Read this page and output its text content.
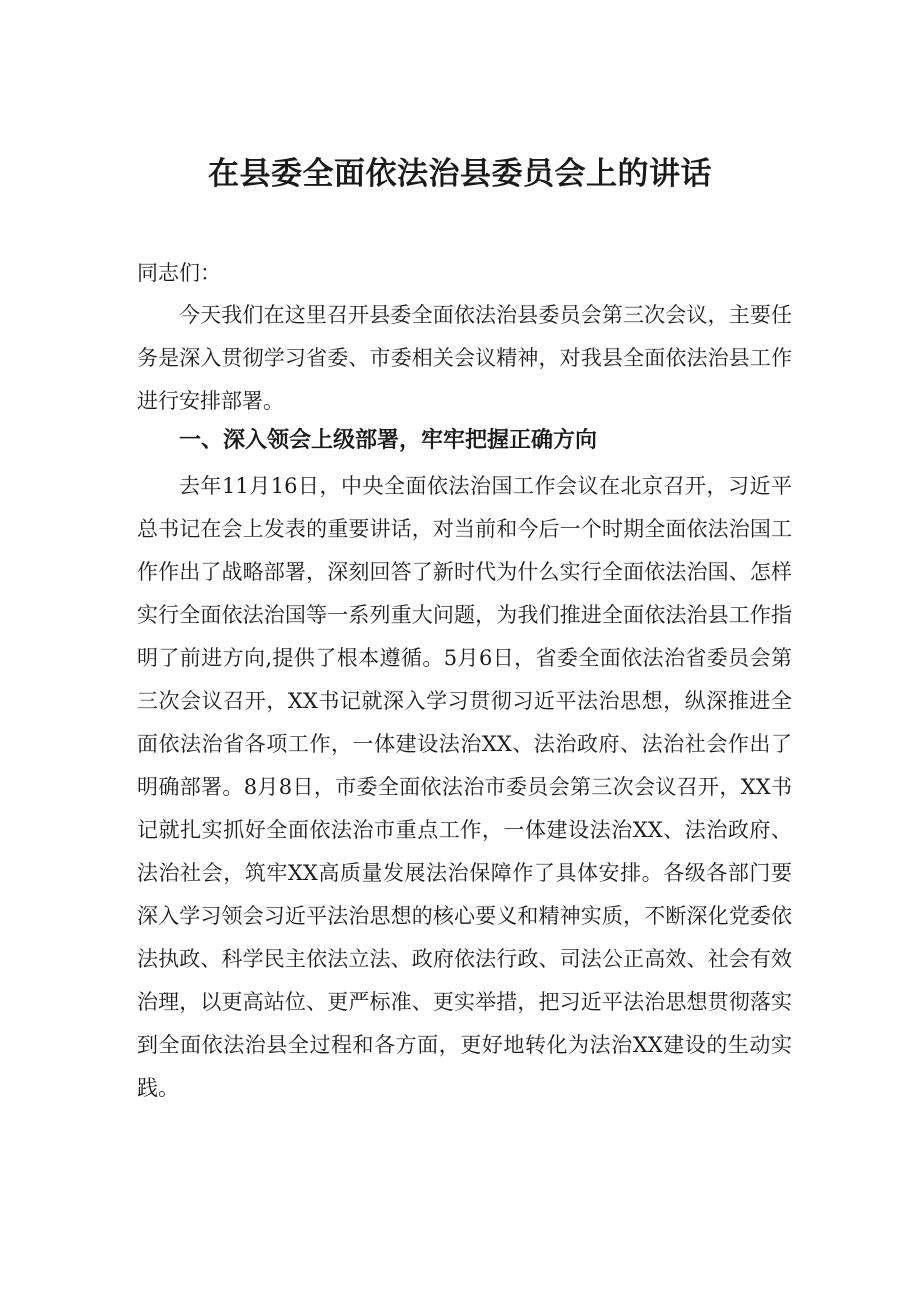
在县委全面依法治县委员会上的讲话
同志们：

今天我们在这里召开县委全面依法治县委员会第三次会议，主要任务是深入贯彻学习省委、市委相关会议精神，对我县全面依法治县工作进行安排部署。

一、深入领会上级部署，牢牢把握正确方向

去年11月16日，中央全面依法治国工作会议在北京召开，习近平总书记在会上发表的重要讲话，对当前和今后一个时期全面依法治国工作作出了战略部署，深刻回答了新时代为什么实行全面依法治国、怎样实行全面依法治国等一系列重大问题，为我们推进全面依法治县工作指明了前进方向,提供了根本遵循。5月6日，省委全面依法治省委员会第三次会议召开，XX书记就深入学习贯彻习近平法治思想，纵深推进全面依法治省各项工作，一体建设法治XX、法治政府、法治社会作出了明确部署。8月8日，市委全面依法治市委员会第三次会议召开，XX书记就扎实抓好全面依法治市重点工作，一体建设法治XX、法治政府、法治社会，筑牢XX高质量发展法治保障作了具体安排。各级各部门要深入学习领会习近平法治思想的核心要义和精神实质，不断深化党委依法执政、科学民主依法立法、政府依法行政、司法公正高效、社会有效治理，以更高站位、更严标准、更实举措，把习近平法治思想贯彻落实到全面依法治县全过程和各方面，更好地转化为法治XX建设的生动实践。
